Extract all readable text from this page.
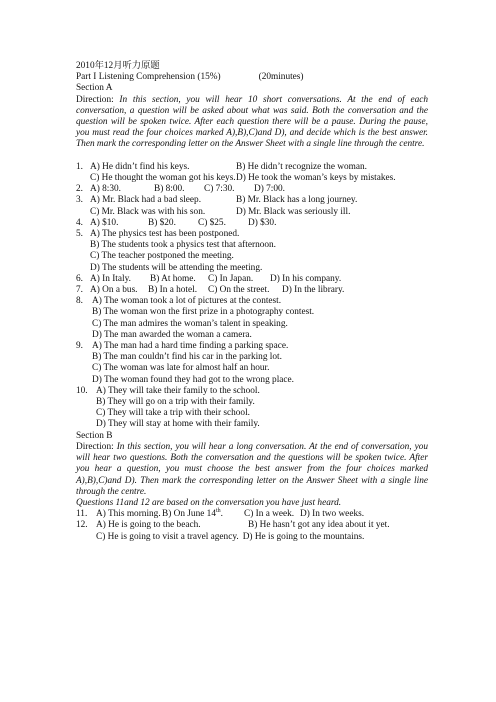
2010年12月听力原题
Part I Listening Comprehension (15%)	(20minutes)
Section A
Direction: In this section, you will hear 10 short conversations. At the end of each conversation, a question will be asked about what was said. Both the conversation and the question will be spoken twice. After each question there will be a pause. During the pause, you must read the four choices marked A),B),C)and D), and decide which is the best answer. Then mark the corresponding letter on the Answer Sheet with a single line through the centre.
1. A) He didn’t find his keys.	B) He didn’t recognize the woman.
C) He thought the woman got his keys. D) He took the woman’s keys by mistakes.
2. A) 8:30.	B) 8:00.	C) 7:30.	D) 7:00.
3. A) Mr. Black had a bad sleep.	B) Mr. Black has a long journey.
C) Mr. Black was with his son.	D) Mr. Black was seriously ill.
4. A) $10.	B) $20.	C) $25.	D) $30.
5. A) The physics test has been postponed.
B) The students took a physics test that afternoon.
C) The teacher postponed the meeting.
D) The students will be attending the meeting.
6. A) In Italy.	B) At home.	C) In Japan.	D) In his company.
7. A) On a bus.	B) In a hotel.	C) On the street.	D) In the library.
8. A) The woman took a lot of pictures at the contest.
B) The woman won the first prize in a photography contest.
C) The man admires the woman’s talent in speaking.
D) The man awarded the woman a camera.
9. A) The man had a hard time finding a parking space.
B) The man couldn’t find his car in the parking lot.
C) The woman was late for almost half an hour.
D) The woman found they had got to the wrong place.
10. A) They will take their family to the school.
B) They will go on a trip with their family.
C) They will take a trip with their school.
D) They will stay at home with their family.
Section B
Direction: In this section, you will hear a long conversation. At the end of conversation, you will hear two questions. Both the conversation and the questions will be spoken twice. After you hear a question, you must choose the best answer from the four choices marked A),B),C)and D). Then mark the corresponding letter on the Answer Sheet with a single line through the centre.
Questions 11and 12 are based on the conversation you have just heard.
11. A) This morning. B) On June 14th.	C) In a week. D) In two weeks.
12. A) He is going to the beach.	B) He hasn’t got any idea about it yet.
C) He is going to visit a travel agency. D) He is going to the mountains.
